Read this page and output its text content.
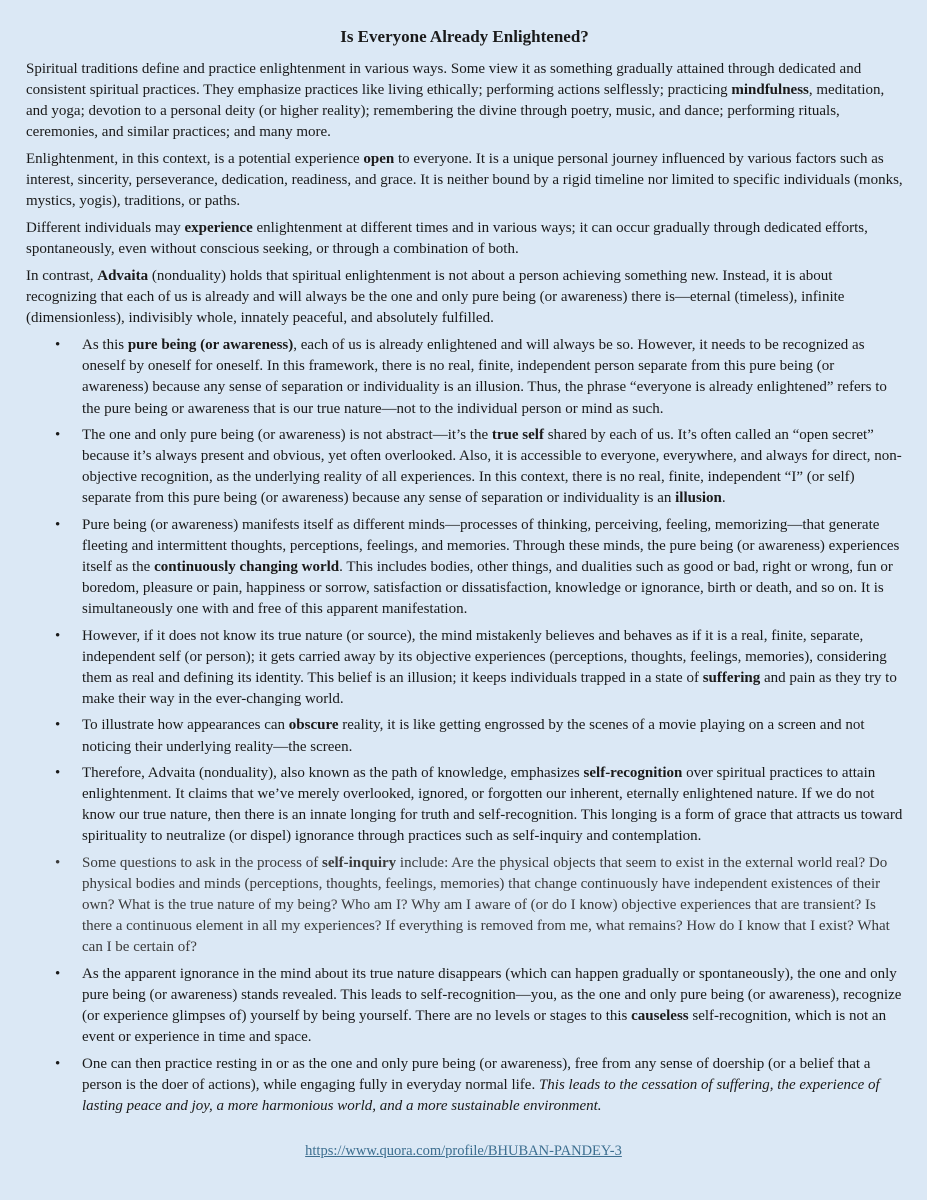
Is Everyone Already Enlightened?

Spiritual traditions define and practice enlightenment in various ways. Some view it as something gradually attained through dedicated and consistent spiritual practices. They emphasize practices like living ethically; performing actions selflessly; practicing mindfulness, meditation, and yoga; devotion to a personal deity (or higher reality); remembering the divine through poetry, music, and dance; performing rituals, ceremonies, and similar practices; and many more.

Enlightenment, in this context, is a potential experience open to everyone. It is a unique personal journey influenced by various factors such as interest, sincerity, perseverance, dedication, readiness, and grace. It is neither bound by a rigid timeline nor limited to specific individuals (monks, mystics, yogis), traditions, or paths.

Different individuals may experience enlightenment at different times and in various ways; it can occur gradually through dedicated efforts, spontaneously, even without conscious seeking, or through a combination of both.

In contrast, Advaita (nonduality) holds that spiritual enlightenment is not about a person achieving something new. Instead, it is about recognizing that each of us is already and will always be the one and only pure being (or awareness) there is—eternal (timeless), infinite (dimensionless), indivisibly whole, innately peaceful, and absolutely fulfilled.

• As this pure being (or awareness), each of us is already enlightened and will always be so. However, it needs to be recognized as oneself by oneself for oneself. In this framework, there is no real, finite, independent person separate from this pure being (or awareness) because any sense of separation or individuality is an illusion. Thus, the phrase “everyone is already enlightened” refers to the pure being or awareness that is our true nature—not to the individual person or mind as such.
• The one and only pure being (or awareness) is not abstract—it’s the true self shared by each of us. It’s often called an “open secret” because it’s always present and obvious, yet often overlooked. Also, it is accessible to everyone, everywhere, and always for direct, non-objective recognition, as the underlying reality of all experiences. In this context, there is no real, finite, independent “I” (or self) separate from this pure being (or awareness) because any sense of separation or individuality is an illusion.
• Pure being (or awareness) manifests itself as different minds—processes of thinking, perceiving, feeling, memorizing—that generate fleeting and intermittent thoughts, perceptions, feelings, and memories. Through these minds, the pure being (or awareness) experiences itself as the continuously changing world. This includes bodies, other things, and dualities such as good or bad, right or wrong, fun or boredom, pleasure or pain, happiness or sorrow, satisfaction or dissatisfaction, knowledge or ignorance, birth or death, and so on. It is simultaneously one with and free of this apparent manifestation.
• However, if it does not know its true nature (or source), the mind mistakenly believes and behaves as if it is a real, finite, separate, independent self (or person); it gets carried away by its objective experiences (perceptions, thoughts, feelings, memories), considering them as real and defining its identity. This belief is an illusion; it keeps individuals trapped in a state of suffering and pain as they try to make their way in the ever-changing world.
• To illustrate how appearances can obscure reality, it is like getting engrossed by the scenes of a movie playing on a screen and not noticing their underlying reality—the screen.
• Therefore, Advaita (nonduality), also known as the path of knowledge, emphasizes self-recognition over spiritual practices to attain enlightenment. It claims that we’ve merely overlooked, ignored, or forgotten our inherent, eternally enlightened nature. If we do not know our true nature, then there is an innate longing for truth and self-recognition. This longing is a form of grace that attracts us toward spirituality to neutralize (or dispel) ignorance through practices such as self-inquiry and contemplation.
• Some questions to ask in the process of self-inquiry include: Are the physical objects that seem to exist in the external world real? Do physical bodies and minds (perceptions, thoughts, feelings, memories) that change continuously have independent existences of their own? What is the true nature of my being? Who am I? Why am I aware of (or do I know) objective experiences that are transient? Is there a continuous element in all my experiences? If everything is removed from me, what remains? How do I know that I exist? What can I be certain of?
• As the apparent ignorance in the mind about its true nature disappears (which can happen gradually or spontaneously), the one and only pure being (or awareness) stands revealed. This leads to self-recognition—you, as the one and only pure being (or awareness), recognize (or experience glimpses of) yourself by being yourself. There are no levels or stages to this causeless self-recognition, which is not an event or experience in time and space.
• One can then practice resting in or as the one and only pure being (or awareness), free from any sense of doership (or a belief that a person is the doer of actions), while engaging fully in everyday normal life. This leads to the cessation of suffering, the experience of lasting peace and joy, a more harmonious world, and a more sustainable environment.
https://www.quora.com/profile/BHUBAN-PANDEY-3
